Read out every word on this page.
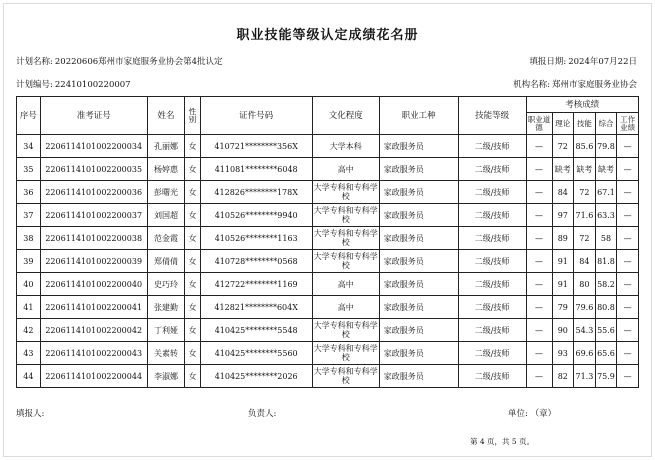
职业技能等级认定成绩花名册
计划名称: 20220606郑州市家庭服务业协会第4批认定	填报日期: 2024年07月22日
计划编号: 22410100220007	机构名称: 郑州市家庭服务业协会
序号	准考证号	姓名	性别	证件号码	文化程度	职业工种	技能等级	考核成绩				
								职业道德	理论	技能	综合	工作业绩
34	2206114101002200034	孔丽娜	女	410721********356X	大学本科	家政服务员	二级/技师	—	72	85.6	79.8	—
35	2206114101002200035	杨婷惠	女	411081********6048	高中	家政服务员	二级/技师	—	缺考	缺考	缺考	—
36	2206114101002200036	彭曙光	女	412826********178X	大学专科和专科学校	家政服务员	二级/技师	—	84	72	67.1	—
37	2206114101002200037	刘国超	女	410526********9940	大学专科和专科学校	家政服务员	二级/技师	—	97	71.6	63.3	—
38	2206114101002200038	范金霞	女	410526********1163	大学专科和专科学校	家政服务员	二级/技师	—	89	72	58	—
39	2206114101002200039	郑倩倩	女	410728********0568	大学专科和专科学校	家政服务员	二级/技师	—	91	84	81.8	—
40	2206114101002200040	史巧玲	女	412722********1169	高中	家政服务员	二级/技师	—	91	80	58.2	—
41	2206114101002200041	张建勤	女	412821********604X	高中	家政服务员	二级/技师	—	79	79.6	80.8	—
42	2206114101002200042	丁利娅	女	410425********5548	大学专科和专科学校	家政服务员	二级/技师	—	90	54.3	55.6	—
43	2206114101002200043	关素转	女	410425********5560	大学专科和专科学校	家政服务员	二级/技师	—	93	69.6	65.6	—
44	2206114101002200044	李淑娜	女	410425********2026	大学专科和专科学校	家政服务员	二级/技师	—	82	71.3	75.9	—
填报人:	负责人:	单位: （章）
第 4 页，共 5 页。
